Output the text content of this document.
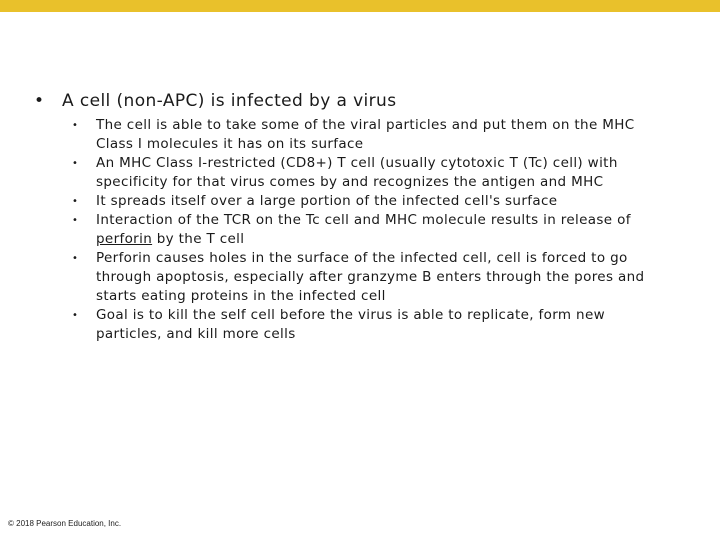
• A cell (non-APC) is infected by a virus
• The cell is able to take some of the viral particles and put them on the MHC Class I molecules it has on its surface
• An MHC Class I-restricted (CD8+) T cell (usually cytotoxic T (Tc) cell) with specificity for that virus comes by and recognizes the antigen and MHC
• It spreads itself over a large portion of the infected cell's surface
• Interaction of the TCR on the Tc cell and MHC molecule results in release of perforin by the T cell
• Perforin causes holes in the surface of the infected cell, cell is forced to go through apoptosis, especially after granzyme B enters through the pores and starts eating proteins in the infected cell
• Goal is to kill the self cell before the virus is able to replicate, form new particles, and kill more cells
© 2018 Pearson Education, Inc.
